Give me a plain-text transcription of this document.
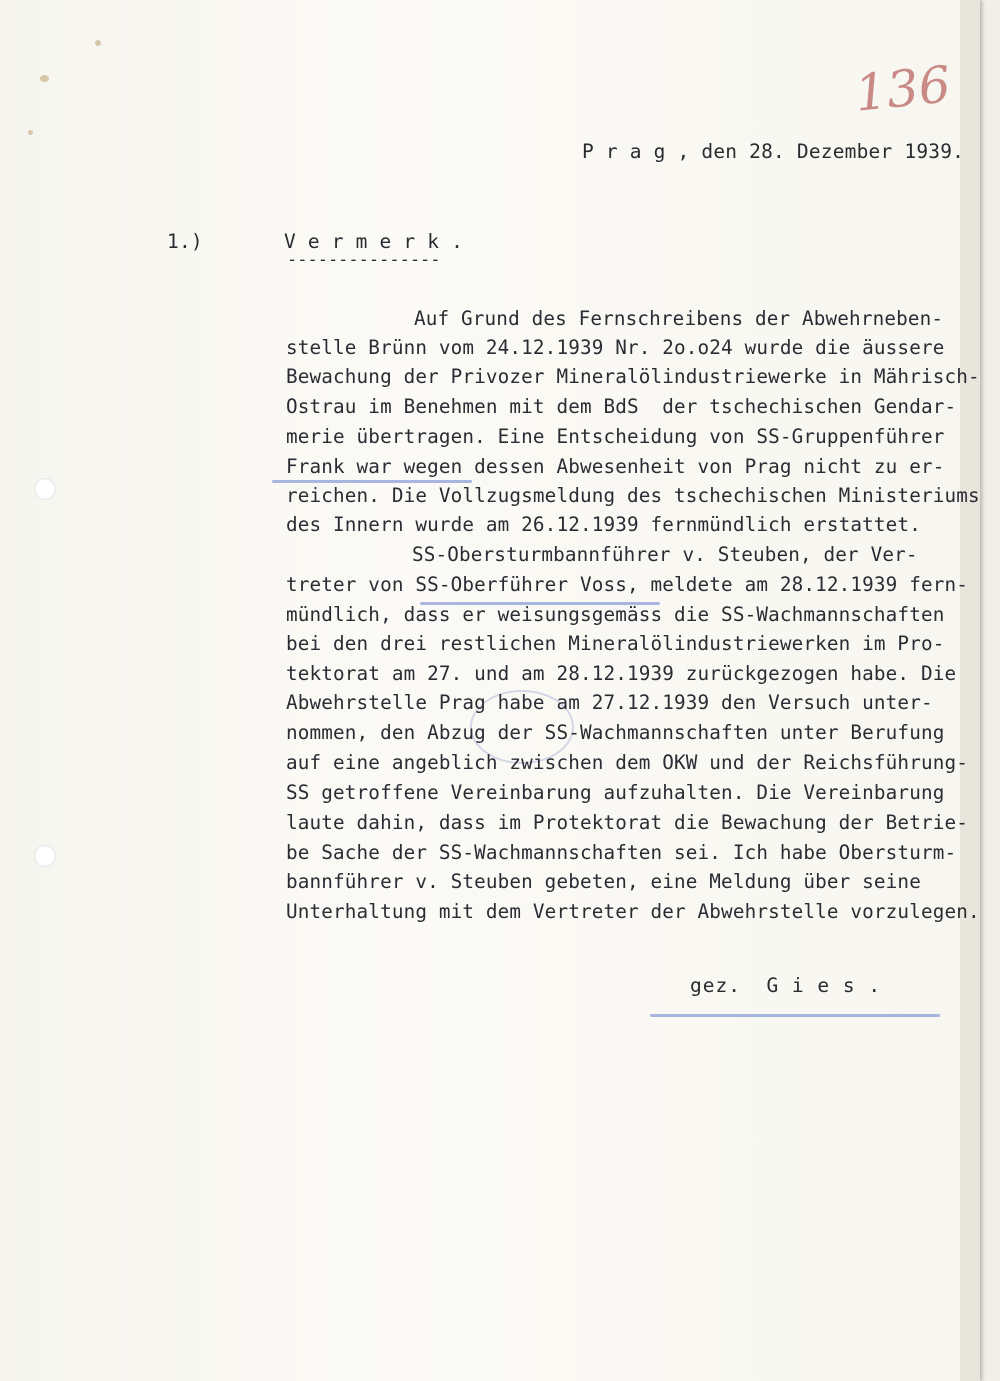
136
P r a g , den 28. Dezember 1939.
1.)	V e r m e r k .
---------------
Auf Grund des Fernschreibens der Abwehrneben-
stelle Brünn vom 24.12.1939 Nr. 2o.o24 wurde die äussere
Bewachung der Privozer Mineralölindustriewerke in Mährisch-
Ostrau im Benehmen mit dem BdS  der tschechischen Gendar-
merie übertragen. Eine Entscheidung von SS-Gruppenführer
Frank war wegen dessen Abwesenheit von Prag nicht zu er-
reichen. Die Vollzugsmeldung des tschechischen Ministeriums
des Innern wurde am 26.12.1939 fernmündlich erstattet.
SS-Obersturmbannführer v. Steuben, der Ver-
treter von SS-Oberführer Voss, meldete am 28.12.1939 fern-
mündlich, dass er weisungsgemäss die SS-Wachmannschaften
bei den drei restlichen Mineralölindustriewerken im Pro-
tektorat am 27. und am 28.12.1939 zurückgezogen habe. Die
Abwehrstelle Prag habe am 27.12.1939 den Versuch unter-
nommen, den Abzug der SS-Wachmannschaften unter Berufung
auf eine angeblich zwischen dem OKW und der Reichsführung-
SS getroffene Vereinbarung aufzuhalten. Die Vereinbarung
laute dahin, dass im Protektorat die Bewachung der Betrie-
be Sache der SS-Wachmannschaften sei. Ich habe Obersturm-
bannführer v. Steuben gebeten, eine Meldung über seine
Unterhaltung mit dem Vertreter der Abwehrstelle vorzulegen.
gez.  G i e s .
